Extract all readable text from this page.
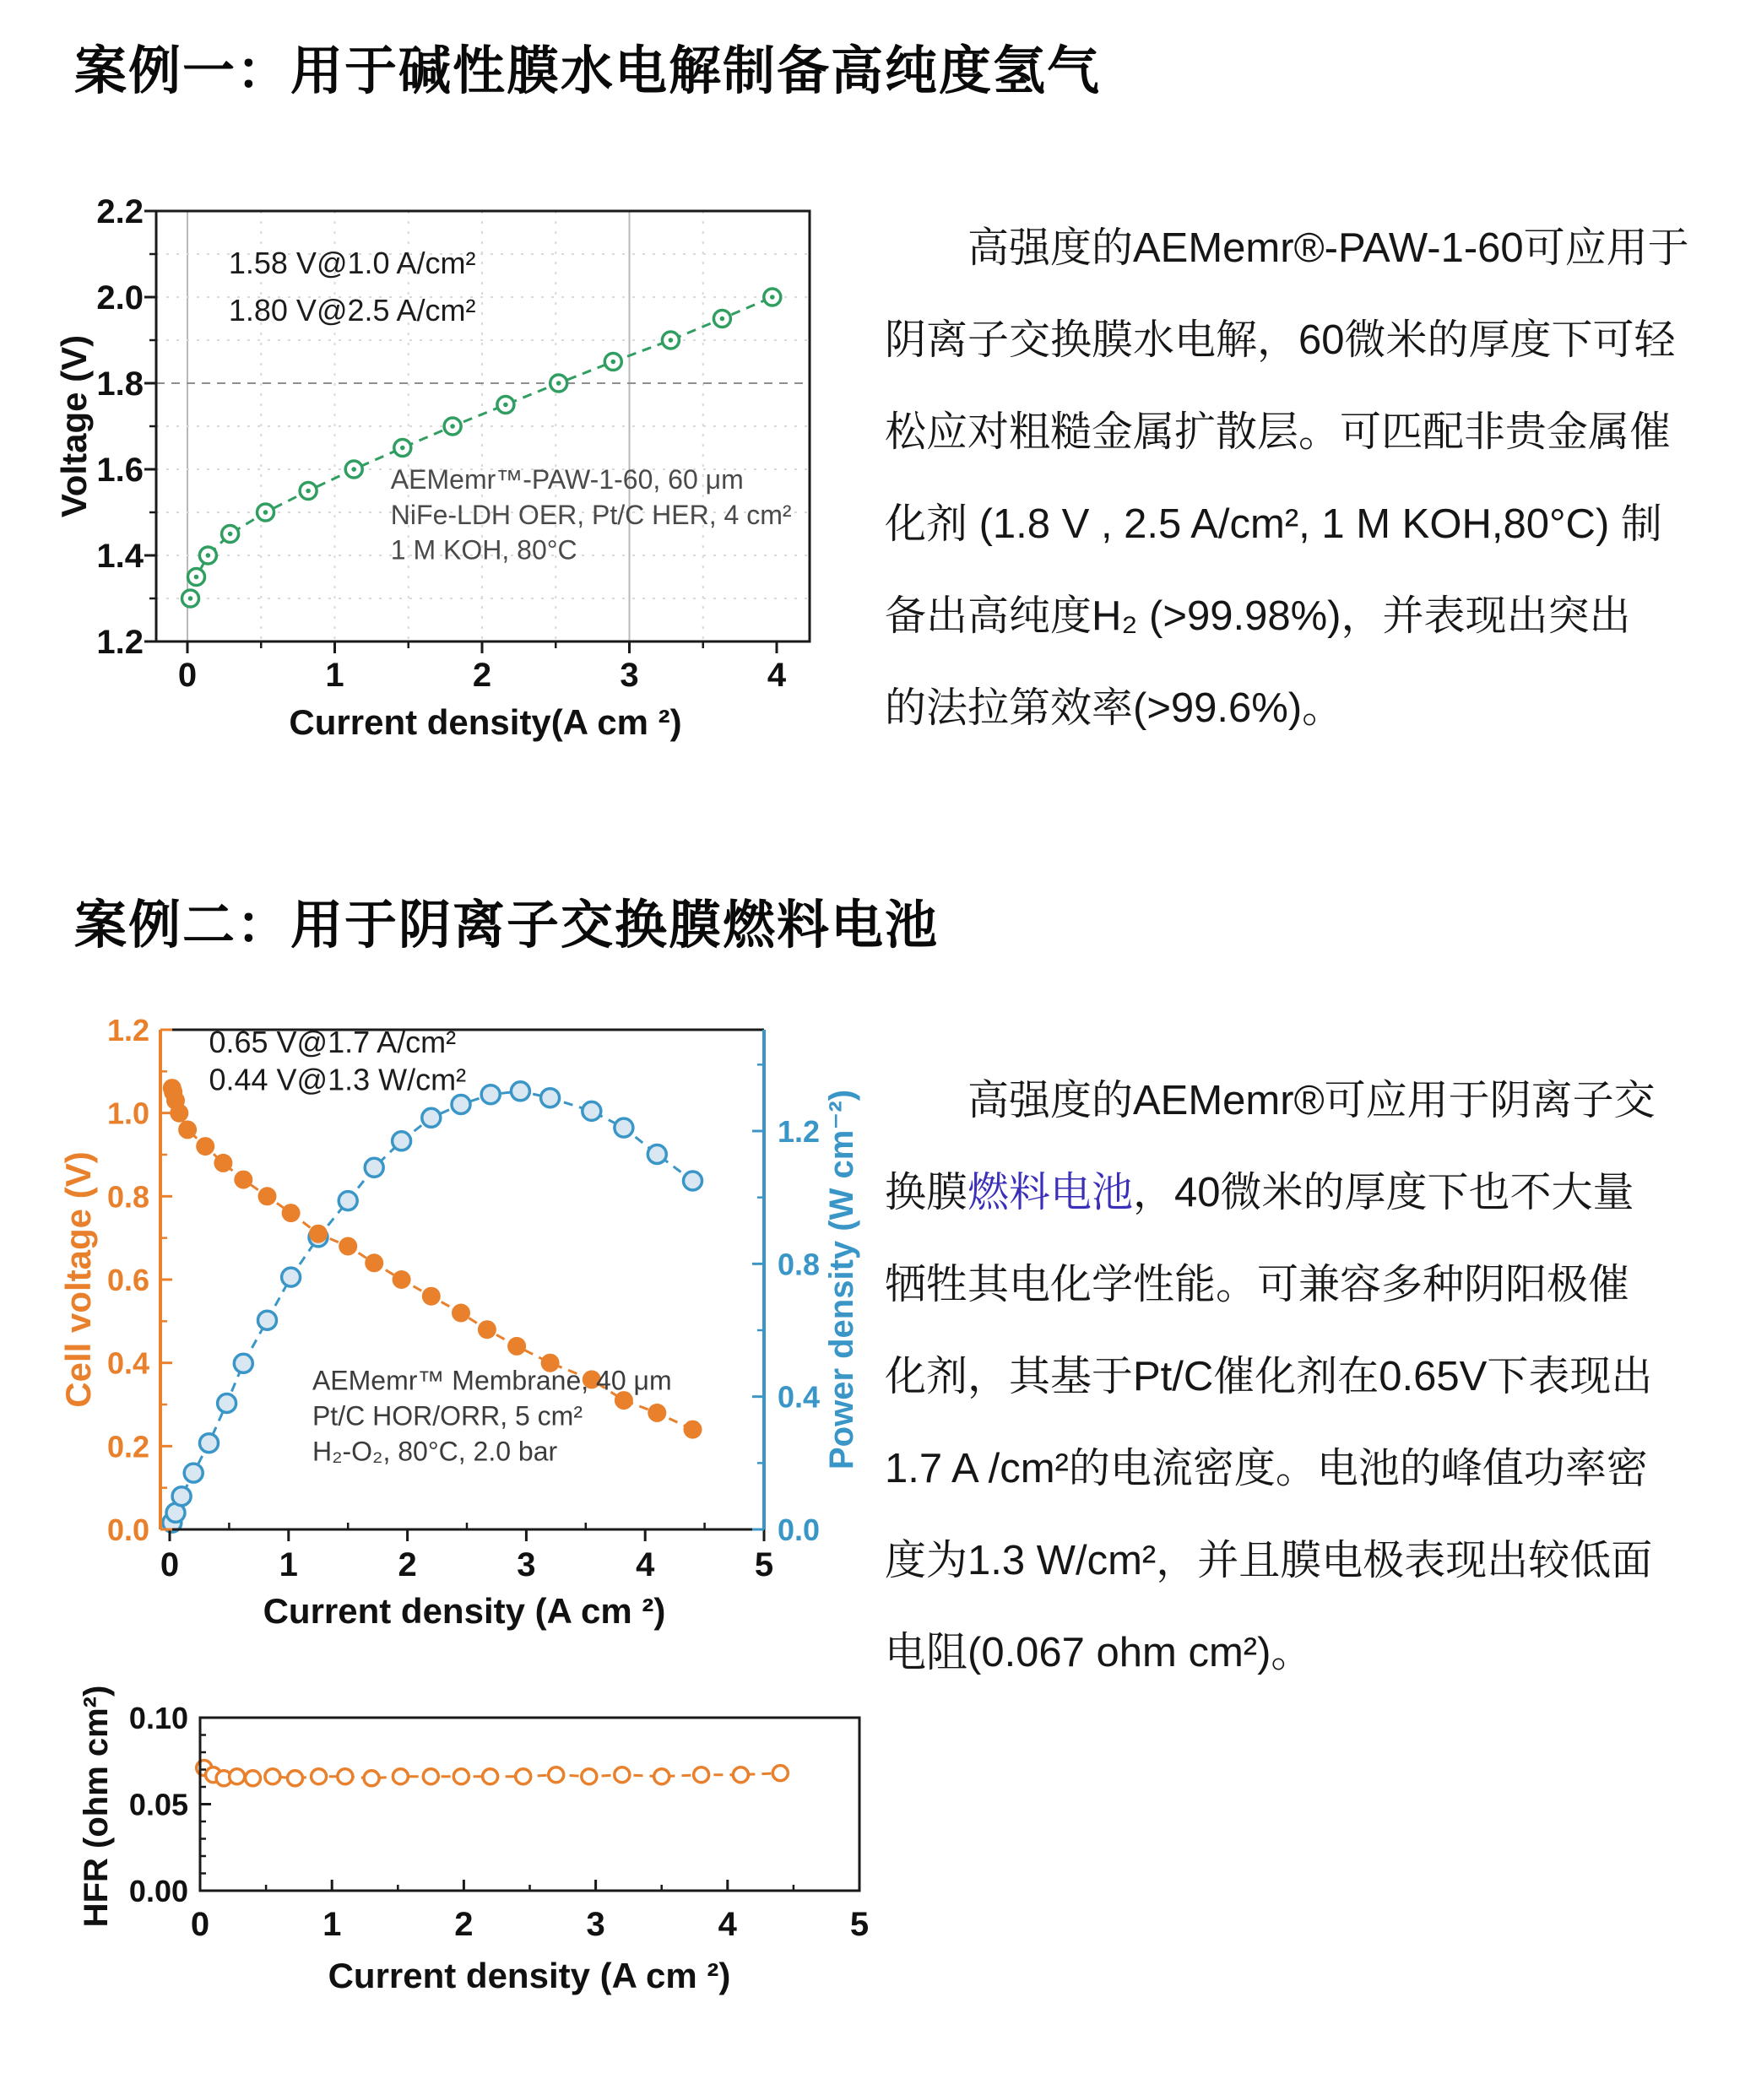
案例一：用于碱性膜水电解制备高纯度氢气
0	1	2	3	4
1.2
1.4
1.6
1.8
2.0
2.2
Voltage (V)
Current density(A cm ²)
1.58 V@1.0 A/cm²
1.80 V@2.5 A/cm²
AEMemr™-PAW-1-60, 60 μm
NiFe-LDH OER, Pt/C HER, 4 cm²
1 M KOH, 80°C
高强度的AEMemr®-PAW-1-60可应用于
阴离子交换膜水电解，60微米的厚度下可轻
松应对粗糙金属扩散层。可匹配非贵金属催
化剂 (1.8 V , 2.5 A/cm², 1 M KOH,80°C) 制
备出高纯度H₂ (>99.98%)，并表现出突出
的法拉第效率(>99.6%)。
案例二：用于阴离子交换膜燃料电池
0	1	2	3	4	5
0.0
0.2
0.4
0.6
0.8
1.0
1.2
0.0
0.4
0.8
1.2
Cell voltage (V)	Power density (W cm⁻²)
Current density (A cm ²)
0.65 V@1.7 A/cm²
0.44 V@1.3 W/cm²
AEMemr™ Membrane, 40 μm
Pt/C HOR/ORR, 5 cm²
H₂-O₂, 80°C, 2.0 bar
高强度的AEMemr®可应用于阴离子交
换膜燃料电池，40微米的厚度下也不大量
牺牲其电化学性能。可兼容多种阴阳极催
化剂，其基于Pt/C催化剂在0.65V下表现出
1.7 A /cm²的电流密度。电池的峰值功率密
度为1.3 W/cm²，并且膜电极表现出较低面
电阻(0.067 ohm cm²)。
0	1	2	3	4	5
0.00
0.05
0.10
HFR (ohm cm²)
Current density (A cm ²)
